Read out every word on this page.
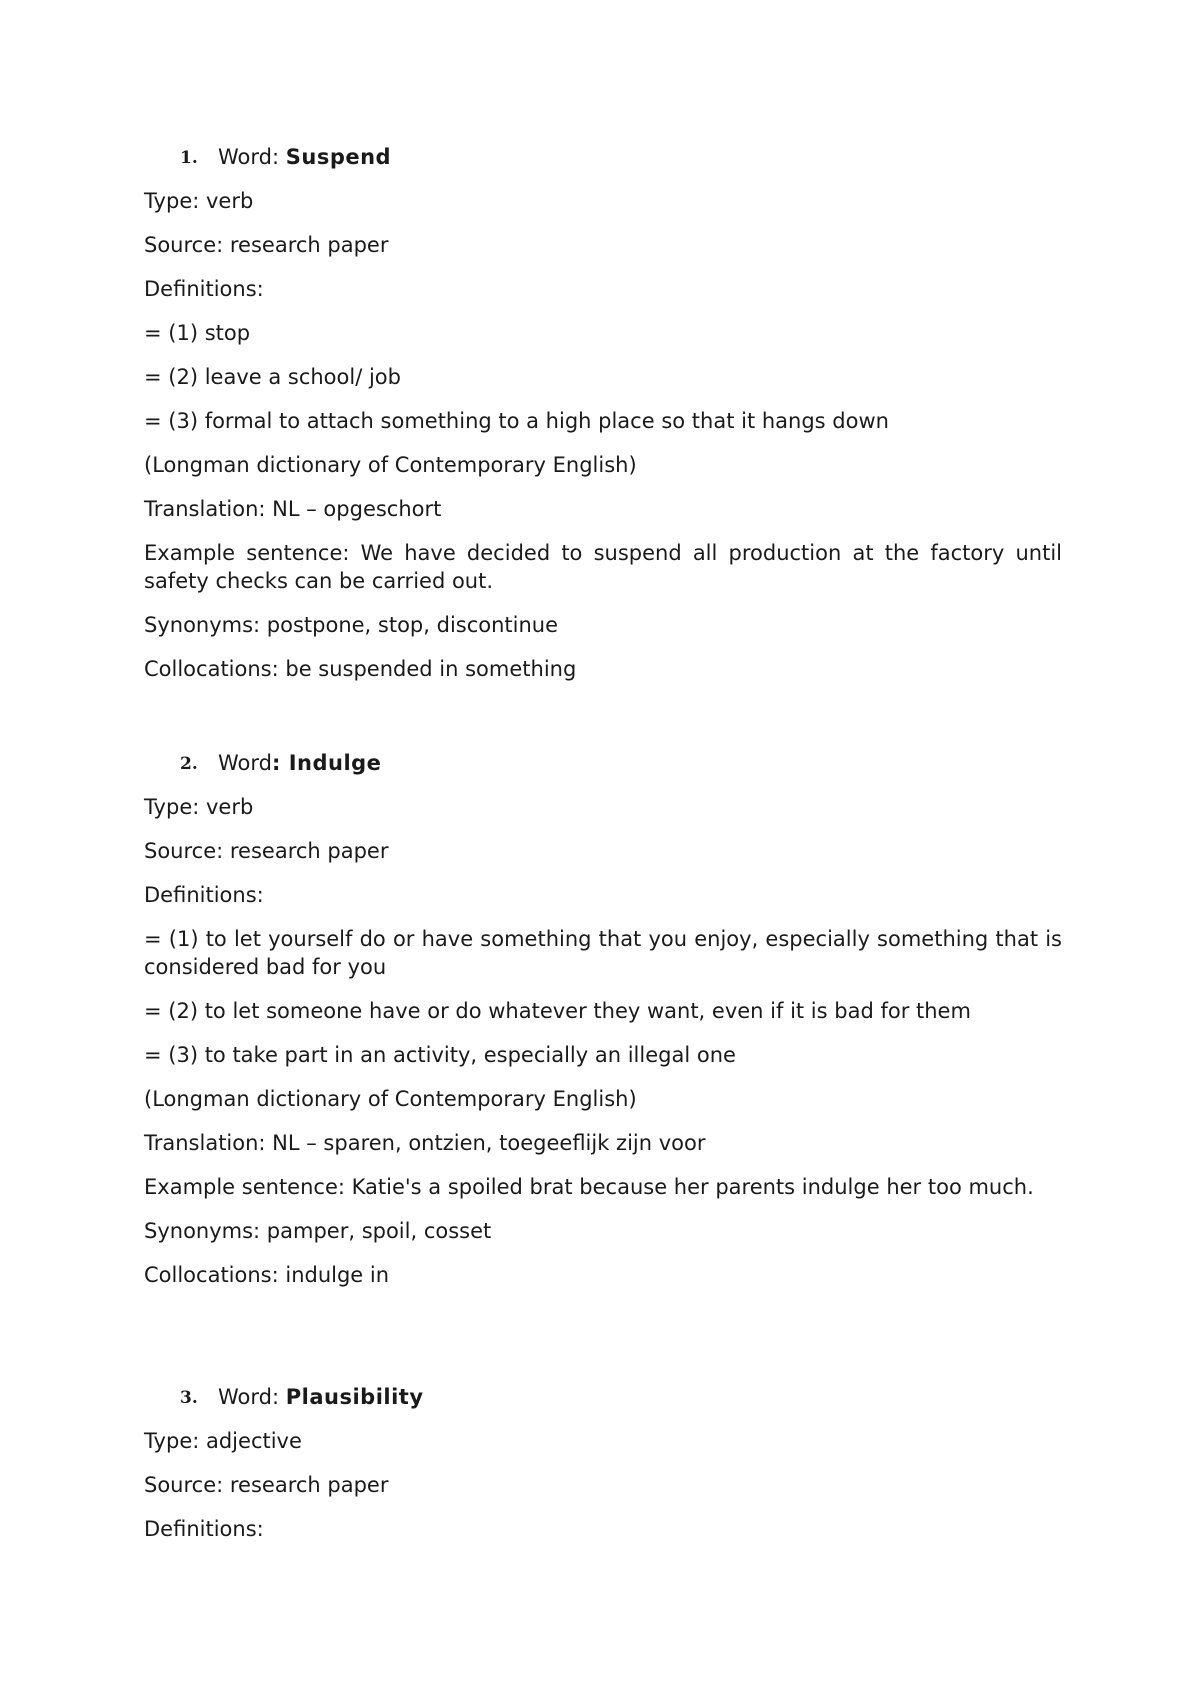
1. Word: Suspend
Type: verb
Source: research paper
Definitions:
= (1) stop
= (2) leave a school/ job
= (3) formal to attach something to a high place so that it hangs down
(Longman dictionary of Contemporary English)
Translation: NL – opgeschort
Example sentence: We have decided to suspend all production at the factory until safety checks can be carried out.
Synonyms: postpone, stop, discontinue
Collocations: be suspended in something
2. Word: Indulge
Type: verb
Source: research paper
Definitions:
= (1) to let yourself do or have something that you enjoy, especially something that is considered bad for you
= (2) to let someone have or do whatever they want, even if it is bad for them
= (3) to take part in an activity, especially an illegal one
(Longman dictionary of Contemporary English)
Translation: NL – sparen, ontzien, toegeeflijk zijn voor
Example sentence: Katie's a spoiled brat because her parents indulge her too much.
Synonyms: pamper, spoil, cosset
Collocations: indulge in
3. Word: Plausibility
Type: adjective
Source: research paper
Definitions:
